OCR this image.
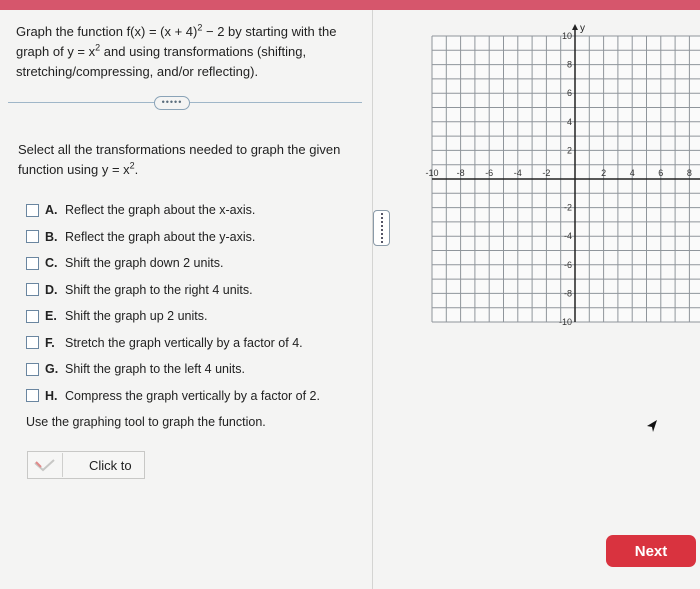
Graph the function $f(x) = (x + 4)^2 - 2$ by starting with the graph of $y = x^2$ and using transformations (shifting, stretching/compressing, and/or reflecting).
•••••
Select all the transformations needed to graph the given function using $y = x^2$.
A. Reflect the graph about the x-axis.
B. Reflect the graph about the y-axis.
C. Shift the graph down 2 units.
D. Shift the graph to the right 4 units.
E. Shift the graph up 2 units.
F. Stretch the graph vertically by a factor of 4.
G. Shift the graph to the left 4 units.
H. Compress the graph vertically by a factor of 2.
Use the graphing tool to graph the function.
Click to
y
-10 -8 -6 -4 -2	2	4	6	8
10
8
6
4
2
-2
-4
-6
-8
-10
Next
